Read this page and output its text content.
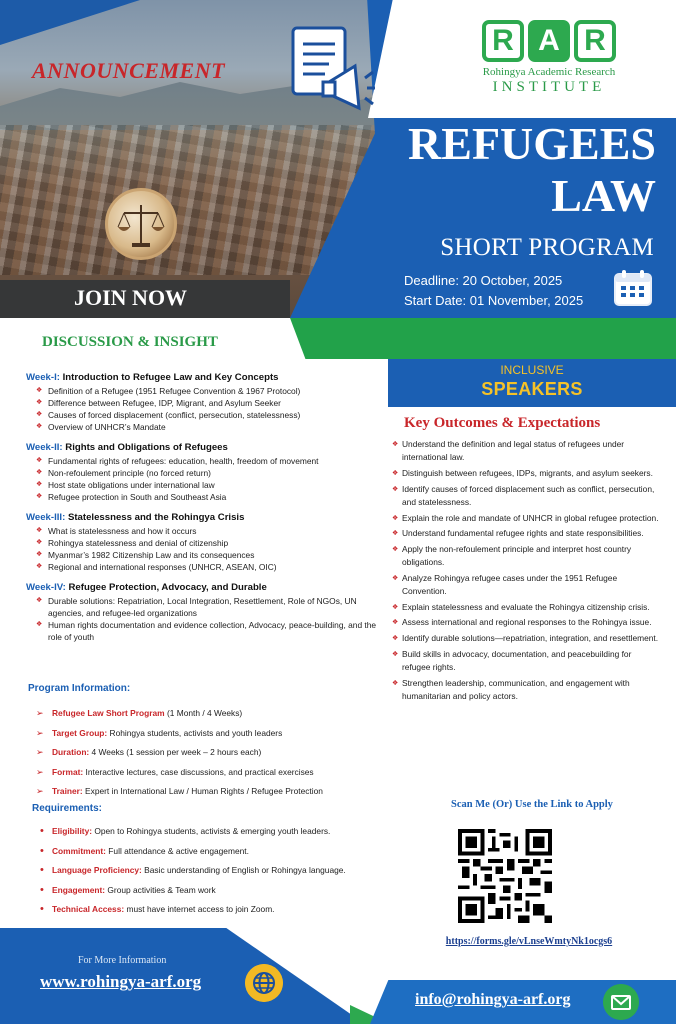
ANNOUNCEMENT
R A R
Rohingya Academic Research
INSTITUTE
REFUGEES
LAW
SHORT PROGRAM
Deadline: 20 October, 2025
Start Date: 01 November, 2025
JOIN NOW
DISCUSSION & INSIGHT
INCLUSIVE
SPEAKERS
Week-I: Introduction to Refugee Law and Key Concepts
❖ Definition of a Refugee (1951 Refugee Convention & 1967 Protocol)
❖ Difference between Refugee, IDP, Migrant, and Asylum Seeker
❖ Causes of forced displacement (conflict, persecution, statelessness)
❖ Overview of UNHCR’s Mandate
Week-II: Rights and Obligations of Refugees
❖ Fundamental rights of refugees: education, health, freedom of movement
❖ Non-refoulement principle (no forced return)
❖ Host state obligations under international law
❖ Refugee protection in South and Southeast Asia
Week-III: Statelessness and the Rohingya Crisis
❖ What is statelessness and how it occurs
❖ Rohingya statelessness and denial of citizenship
❖ Myanmar’s 1982 Citizenship Law and its consequences
❖ Regional and international responses (UNHCR, ASEAN, OIC)
Week-IV: Refugee Protection, Advocacy, and Durable
❖ Durable solutions: Repatriation, Local Integration, Resettlement, Role of NGOs, UN agencies, and refugee-led organizations
❖ Human rights documentation and evidence collection, Advocacy, peace-building, and the role of youth
Program Information:
➢ Refugee Law Short Program (1 Month / 4 Weeks)
➢ Target Group: Rohingya students, activists and youth leaders
➢ Duration: 4 Weeks (1 session per week – 2 hours each)
➢ Format: Interactive lectures, case discussions, and practical exercises
➢ Trainer: Expert in International Law / Human Rights / Refugee Protection
Requirements:
• Eligibility: Open to Rohingya students, activists & emerging youth leaders.
• Commitment: Full attendance & active engagement.
• Language Proficiency: Basic understanding of English or Rohingya language.
• Engagement: Group activities & Team work
• Technical Access: must have internet access to join Zoom.
Key Outcomes & Expectations
❖ Understand the definition and legal status of refugees under international law.
❖ Distinguish between refugees, IDPs, migrants, and asylum seekers.
❖ Identify causes of forced displacement such as conflict, persecution, and statelessness.
❖ Explain the role and mandate of UNHCR in global refugee protection.
❖ Understand fundamental refugee rights and state responsibilities.
❖ Apply the non-refoulement principle and interpret host country obligations.
❖ Analyze Rohingya refugee cases under the 1951 Refugee Convention.
❖ Explain statelessness and evaluate the Rohingya citizenship crisis.
❖ Assess international and regional responses to the Rohingya issue.
❖ Identify durable solutions—repatriation, integration, and resettlement.
❖ Build skills in advocacy, documentation, and peacebuilding for refugee rights.
❖ Strengthen leadership, communication, and engagement with humanitarian and policy actors.
Scan Me (Or) Use the Link to Apply
https://forms.gle/vLnseWmtyNk1ocgs6
For More Information
www.rohingya-arf.org
info@rohingya-arf.org
